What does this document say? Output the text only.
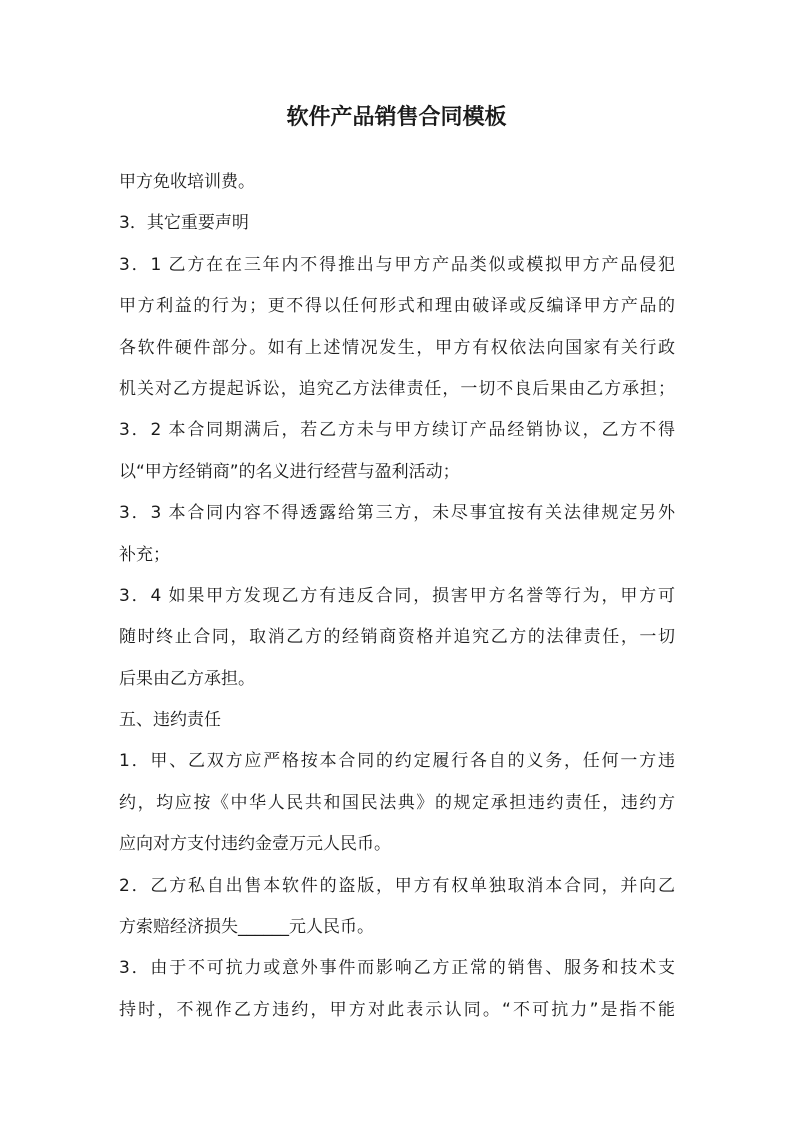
软件产品销售合同模板
甲方免收培训费。
3．其它重要声明
3．1 乙方在在三年内不得推出与甲方产品类似或模拟甲方产品侵犯
甲方利益的行为；更不得以任何形式和理由破译或反编译甲方产品的
各软件硬件部分。如有上述情况发生，甲方有权依法向国家有关行政
机关对乙方提起诉讼，追究乙方法律责任，一切不良后果由乙方承担；
3．2 本合同期满后，若乙方未与甲方续订产品经销协议，乙方不得
以“甲方经销商”的名义进行经营与盈利活动；
3．3 本合同内容不得透露给第三方，未尽事宜按有关法律规定另外
补充；
3．4 如果甲方发现乙方有违反合同，损害甲方名誉等行为，甲方可
随时终止合同，取消乙方的经销商资格并追究乙方的法律责任，一切
后果由乙方承担。
五、违约责任
1．甲、乙双方应严格按本合同的约定履行各自的义务，任何一方违
约，均应按《中华人民共和国民法典》的规定承担违约责任，违约方
应向对方支付违约金壹万元人民币。
2．乙方私自出售本软件的盗版，甲方有权单独取消本合同，并向乙
方索赔经济损失______元人民币。
3．由于不可抗力或意外事件而影响乙方正常的销售、服务和技术支
持时，不视作乙方违约，甲方对此表示认同。“不可抗力”是指不能
